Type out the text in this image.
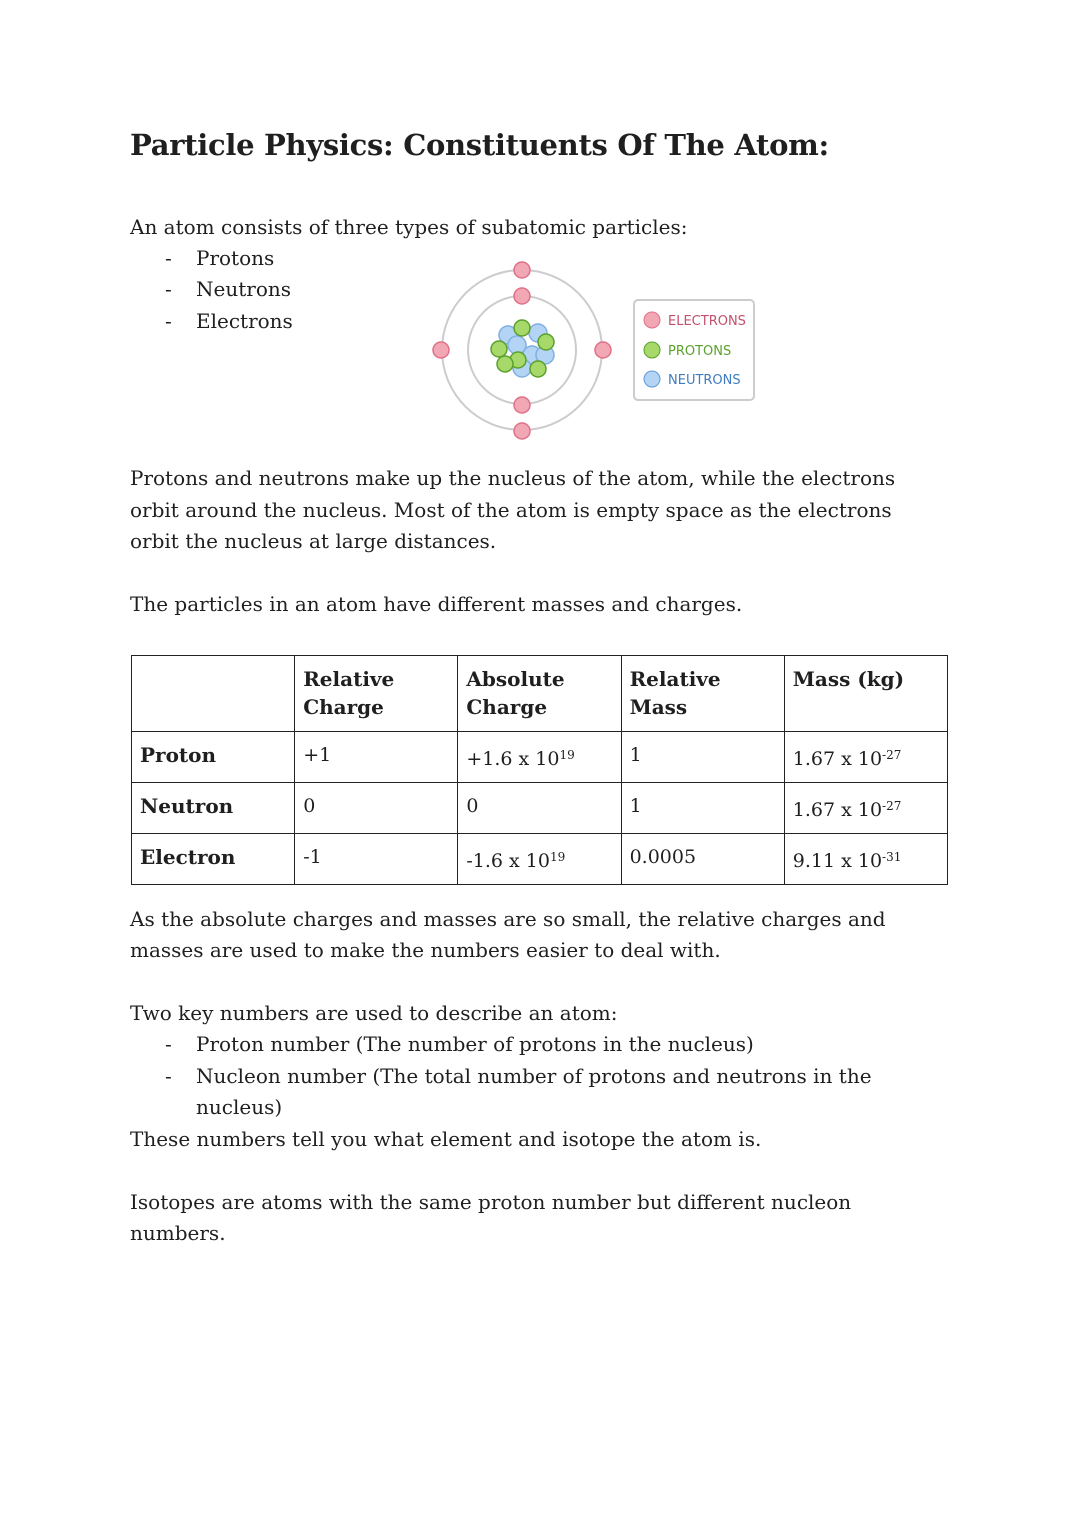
Particle Physics: Constituents Of The Atom:
An atom consists of three types of subatomic particles:
- Protons
- Neutrons
- Electrons	ELECTRONS
PROTONS
NEUTRONS
Protons and neutrons make up the nucleus of the atom, while the electrons
orbit around the nucleus. Most of the atom is empty space as the electrons
orbit the nucleus at large distances.
The particles in an atom have different masses and charges.
	Relative Charge	Absolute Charge	Relative Mass	Mass (kg)
Proton	+1	+1.6 x $10^{19}$	1	1.67 x $10^{-27}$
Neutron	0	0	1	1.67 x $10^{-27}$
Electron	-1	-1.6 x $10^{19}$	0.0005	9.11 x $10^{-31}$
As the absolute charges and masses are so small, the relative charges and
masses are used to make the numbers easier to deal with.
Two key numbers are used to describe an atom:
- Proton number (The number of protons in the nucleus)
- Nucleon number (The total number of protons and neutrons in the
nucleus)
These numbers tell you what element and isotope the atom is.
Isotopes are atoms with the same proton number but different nucleon
numbers.
